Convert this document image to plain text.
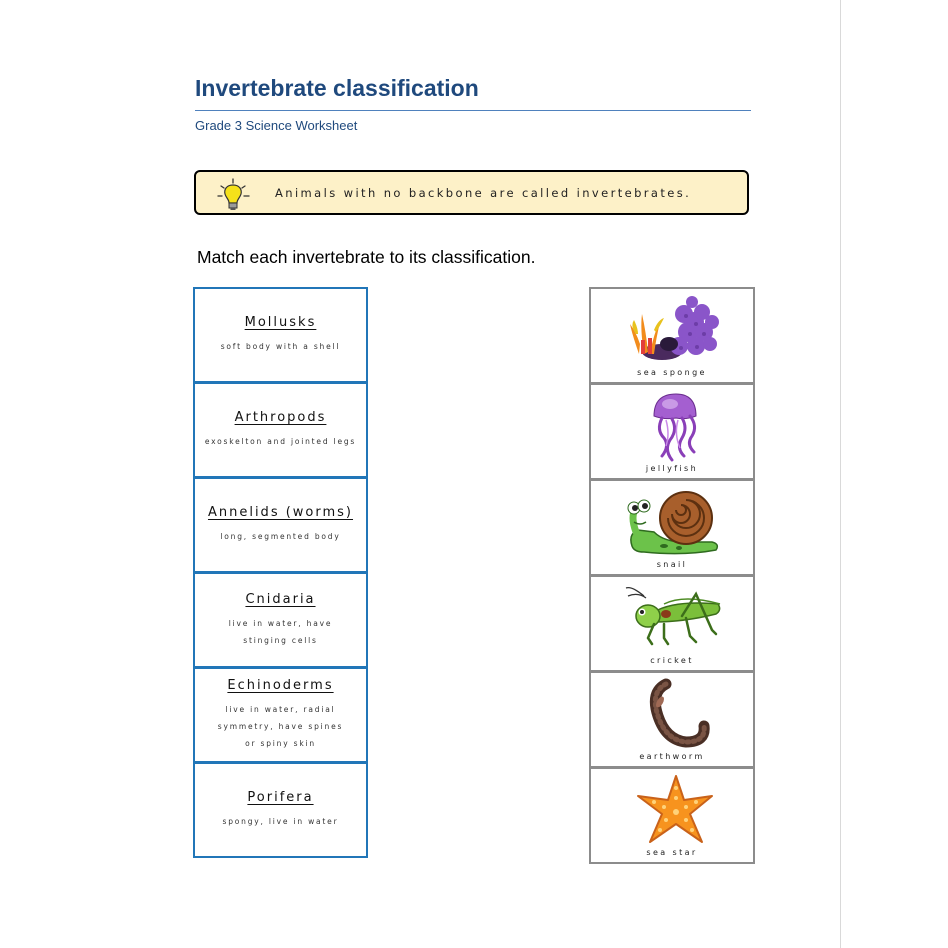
Invertebrate classification
Grade 3 Science Worksheet
Animals with no backbone are called invertebrates.
Match each invertebrate to its classification.
Mollusks
soft body with a shell
Arthropods
exoskelton and jointed legs
Annelids (worms)
long, segmented body
Cnidaria
live in water, have stinging cells
Echinoderms
live in water, radial symmetry, have spines or spiny skin
Porifera
spongy, live in water
sea sponge
jellyfish
snail
cricket
earthworm
sea star
